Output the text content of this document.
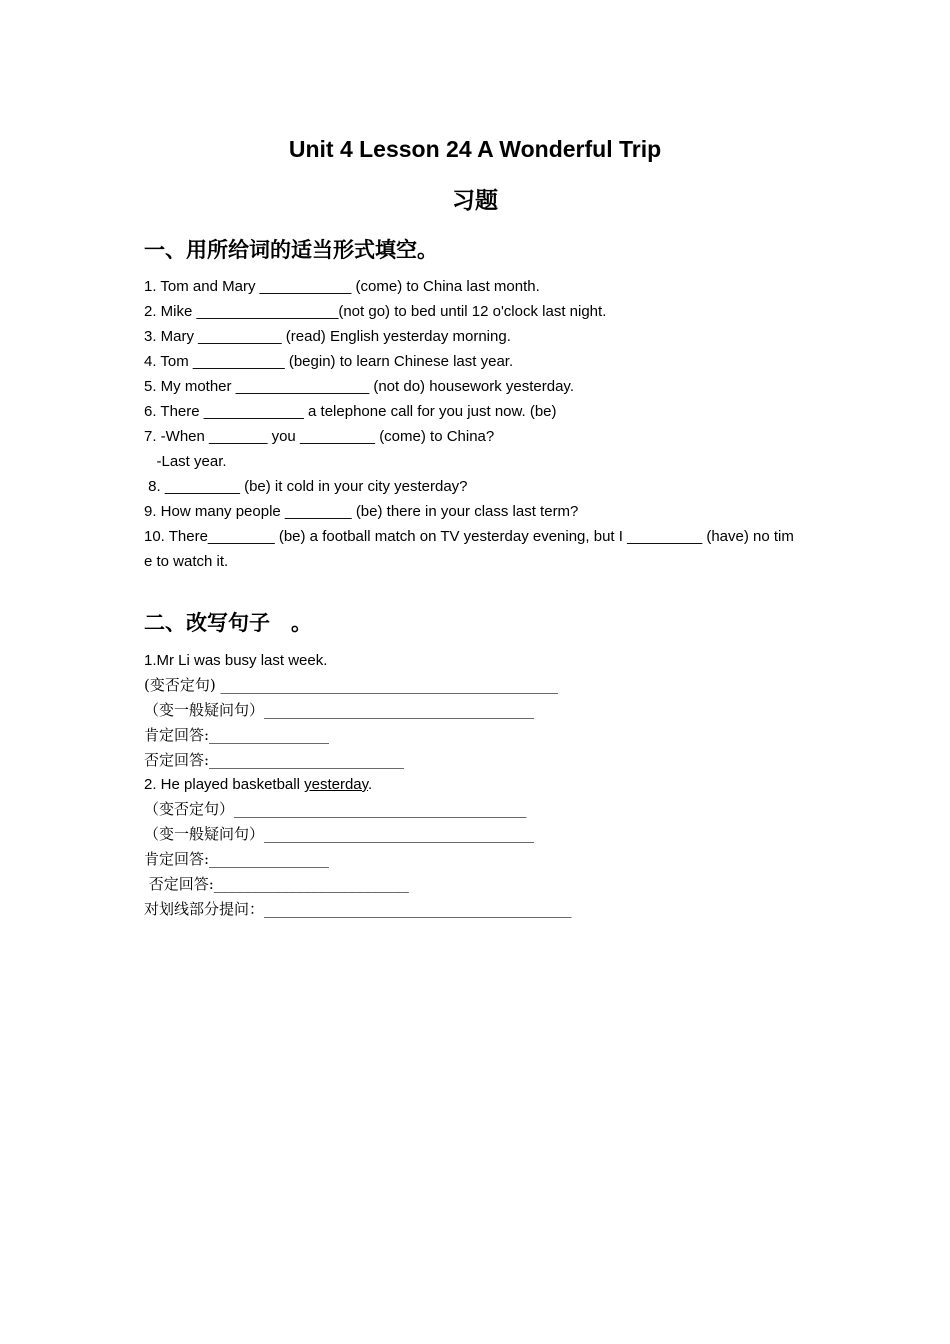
Unit 4 Lesson 24 A Wonderful Trip
习题
一、用所给词的适当形式填空。
1. Tom and Mary ___________ (come) to China last month.
2. Mike _________________(not go) to bed until 12 o'clock last night.
3. Mary __________ (read) English yesterday morning.
4. Tom ___________ (begin) to learn Chinese last year.
5. My mother ________________ (not do) housework yesterday.
6. There ____________ a telephone call for you just now. (be)
7. -When _______ you _________ (come) to China?
-Last year.
8. _________ (be) it cold in your city yesterday?
9. How many people ________ (be) there in your class last term?
10. There________ (be) a football match on TV yesterday evening, but I _________ (have) no tim
e to watch it.
二、改写句子　。
1.Mr Li was busy last week.
(变否定句) _____________________________________________
（变一般疑问句）____________________________________
肯定回答:________________
否定回答:__________________________
2. He played basketball yesterday.
（变否定句）_______________________________________
（变一般疑问句）____________________________________
肯定回答:________________
否定回答:__________________________
对划线部分提问：_________________________________________
